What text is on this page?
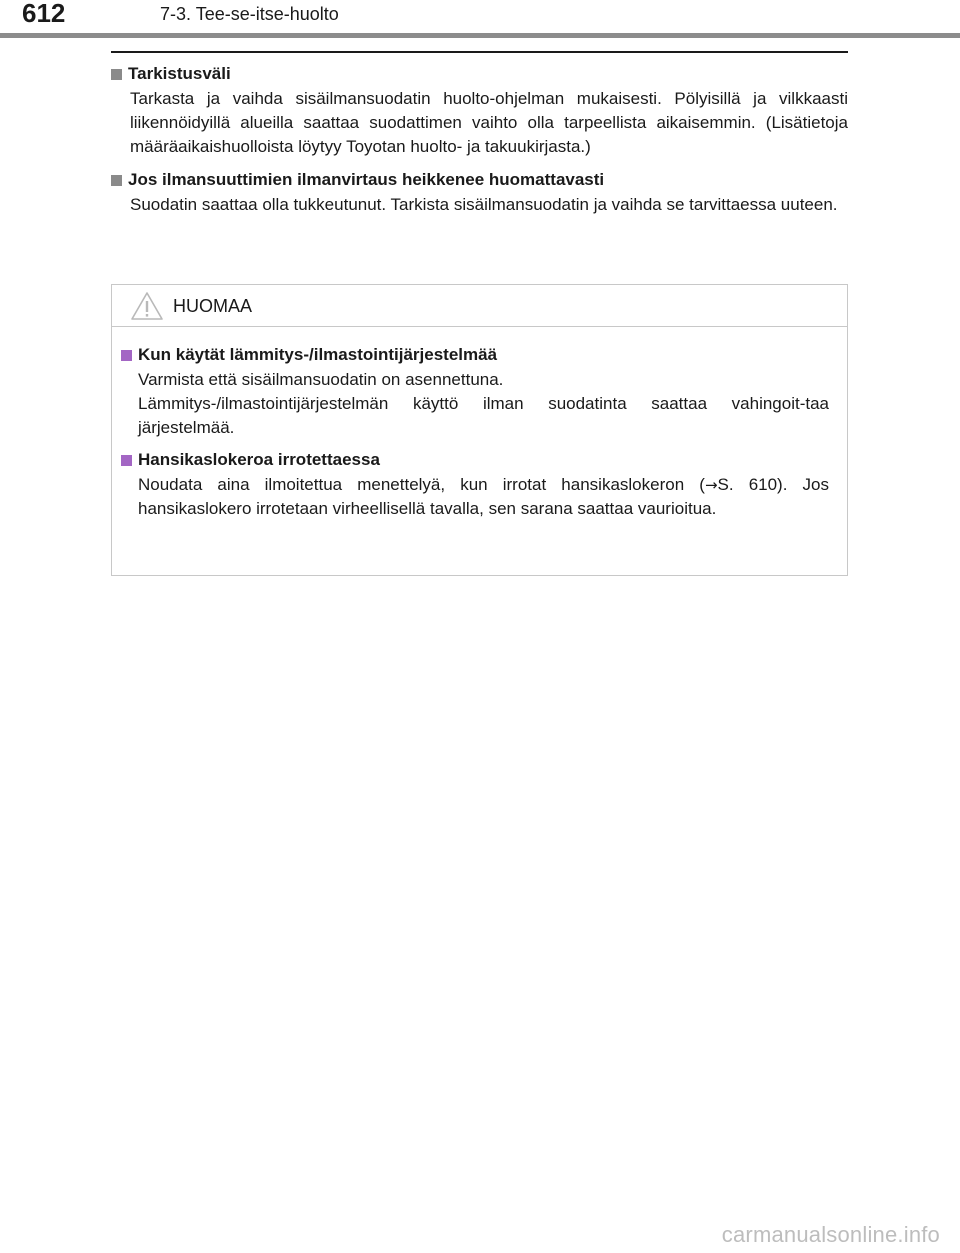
612	7-3. Tee-se-itse-huolto
Tarkistusväli
Tarkasta ja vaihda sisäilmansuodatin huolto-ohjelman mukaisesti. Pölyisillä ja vilkkaasti liikennöidyillä alueilla saattaa suodattimen vaihto olla tarpeellista aikaisemmin. (Lisätietoja määräaikaishuolloista löytyy Toyotan huolto- ja takuukirjasta.)
Jos ilmansuuttimien ilmanvirtaus heikkenee huomattavasti
Suodatin saattaa olla tukkeutunut. Tarkista sisäilmansuodatin ja vaihda se tarvittaessa uuteen.
HUOMAA
Kun käytät lämmitys-/ilmastointijärjestelmää
Varmista että sisäilmansuodatin on asennettuna.
Lämmitys-/ilmastointijärjestelmän käyttö ilman suodatinta saattaa vahingoit-taa järjestelmää.
Hansikaslokeroa irrotettaessa
Noudata aina ilmoitettua menettelyä, kun irrotat hansikaslokeron (→S. 610). Jos hansikaslokero irrotetaan virheellisellä tavalla, sen sarana saattaa vaurioitua.
carmanualsonline.info
